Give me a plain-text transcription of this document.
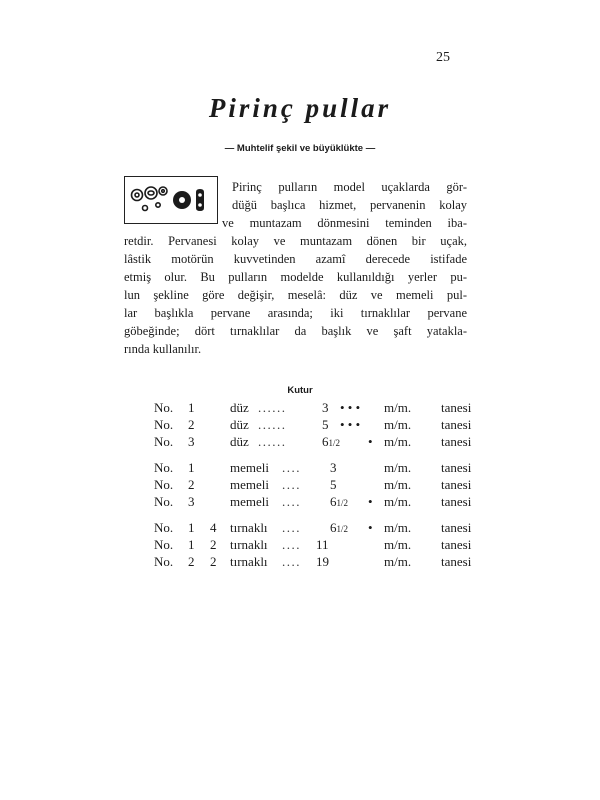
25
Pirinç pullar
— Muhtelif şekil ve büyüklükte —
Pirinç pulların model uçaklarda gör-
düğü başlıca hizmet, pervanenin kolay
ve muntazam dönmesini teminden iba-
retdir. Pervanesi kolay ve muntazam dönen bir uçak,
lâstik motörün kuvvetinden azamî derecede istifade
etmiş olur. Bu pulların modelde kullanıldığı yerler pu-
lun şekline göre değişir, meselâ: düz ve memeli pul-
lar başlıkla pervane arasında; iki tırnaklılar pervane
göbeğinde; dört tırnaklılar da başlık ve şaft yatakla-
rında kullanılır.
Kutur
No. 1	düz ......	3 • • • m/m. tanesi
No. 2	düz ......	5 • • • m/m. tanesi
No. 3	düz ......	61/2 • m/m. tanesi
No. 1	memeli .... 3	m/m. tanesi
No. 2	memeli .... 5	m/m. tanesi
No. 3	memeli .... 61/2 • m/m. tanesi
No. 1 4 tırnaklı .... 61/2 • m/m. tanesi
No. 1 2 tırnaklı .... 11	m/m. tanesi
No. 2 2 tırnaklı .... 19	m/m. tanesi
